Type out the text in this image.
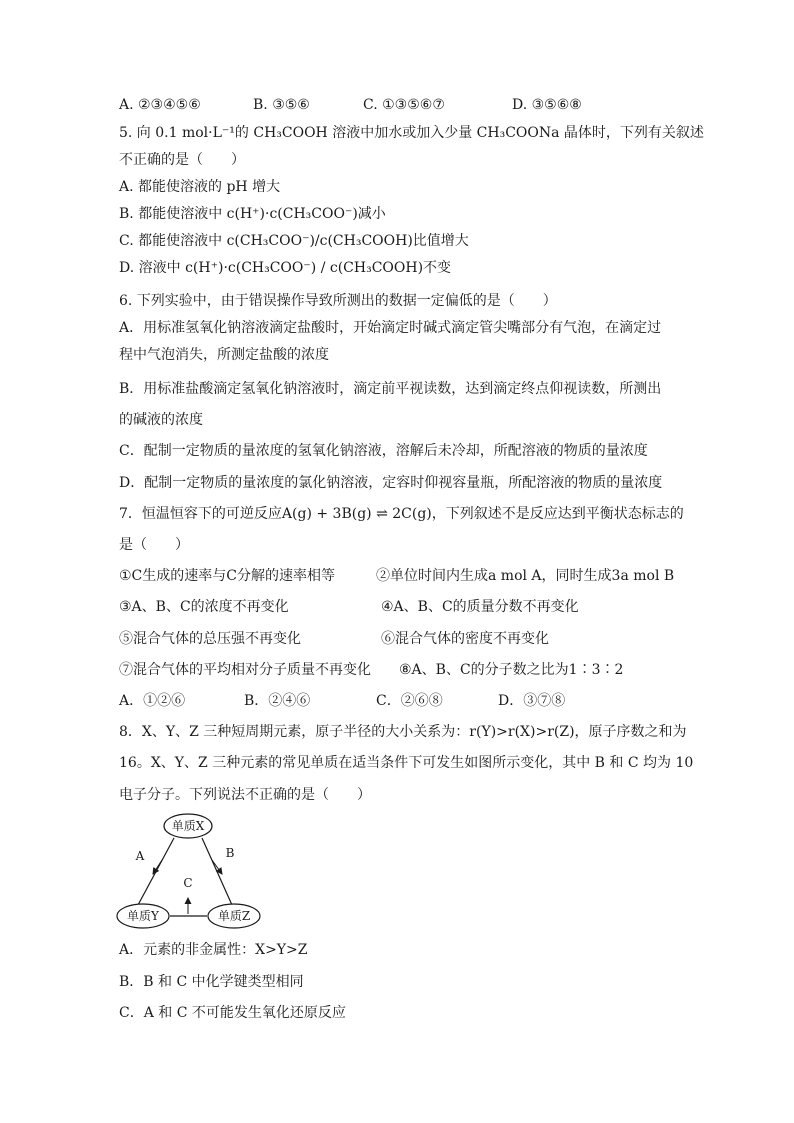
A. ②③④⑤⑥	B. ③⑤⑥	C. ①③⑤⑥⑦	D. ③⑤⑥⑧
5. 向 0.1 mol·L⁻¹的 CH₃COOH 溶液中加水或加入少量 CH₃COONa 晶体时，下列有关叙述
不正确的是（　　）
A. 都能使溶液的 pH 增大
B. 都能使溶液中 c(H⁺)·c(CH₃COO⁻)减小
C. 都能使溶液中 c(CH₃COO⁻)/c(CH₃COOH)比值增大
D. 溶液中 c(H⁺)·c(CH₃COO⁻) / c(CH₃COOH)不变
6. 下列实验中，由于错误操作导致所测出的数据一定偏低的是（　　）
A．用标准氢氧化钠溶液滴定盐酸时，开始滴定时碱式滴定管尖嘴部分有气泡，在滴定过
程中气泡消失，所测定盐酸的浓度
B．用标准盐酸滴定氢氧化钠溶液时，滴定前平视读数，达到滴定终点仰视读数，所测出
的碱液的浓度
C．配制一定物质的量浓度的氢氧化钠溶液，溶解后未冷却，所配溶液的物质的量浓度
D．配制一定物质的量浓度的氯化钠溶液，定容时仰视容量瓶，所配溶液的物质的量浓度
7．恒温恒容下的可逆反应A(g) + 3B(g) ⇌ 2C(g)，下列叙述不是反应达到平衡状态标志的
是（　　）
①C生成的速率与C分解的速率相等	②单位时间内生成a mol A，同时生成3a mol B
③A、B、C的浓度不再变化	④A、B、C的质量分数不再变化
⑤混合气体的总压强不再变化	⑥混合气体的密度不再变化
⑦混合气体的平均相对分子质量不再变化 ⑧A、B、C的分子数之比为1∶3∶2
A．①②⑥	B．②④⑥	C．②⑥⑧	D．③⑦⑧
8．X、Y、Z 三种短周期元素，原子半径的大小关系为：r(Y)>r(X)>r(Z)，原子序数之和为
16。X、Y、Z 三种元素的常见单质在适当条件下可发生如图所示变化，其中 B 和 C 均为 10
电子分子。下列说法不正确的是（　　）
单质X
单质Y	单质Z
A	B
C
A．元素的非金属性：X>Y>Z
B．B 和 C 中化学键类型相同
C．A 和 C 不可能发生氧化还原反应
